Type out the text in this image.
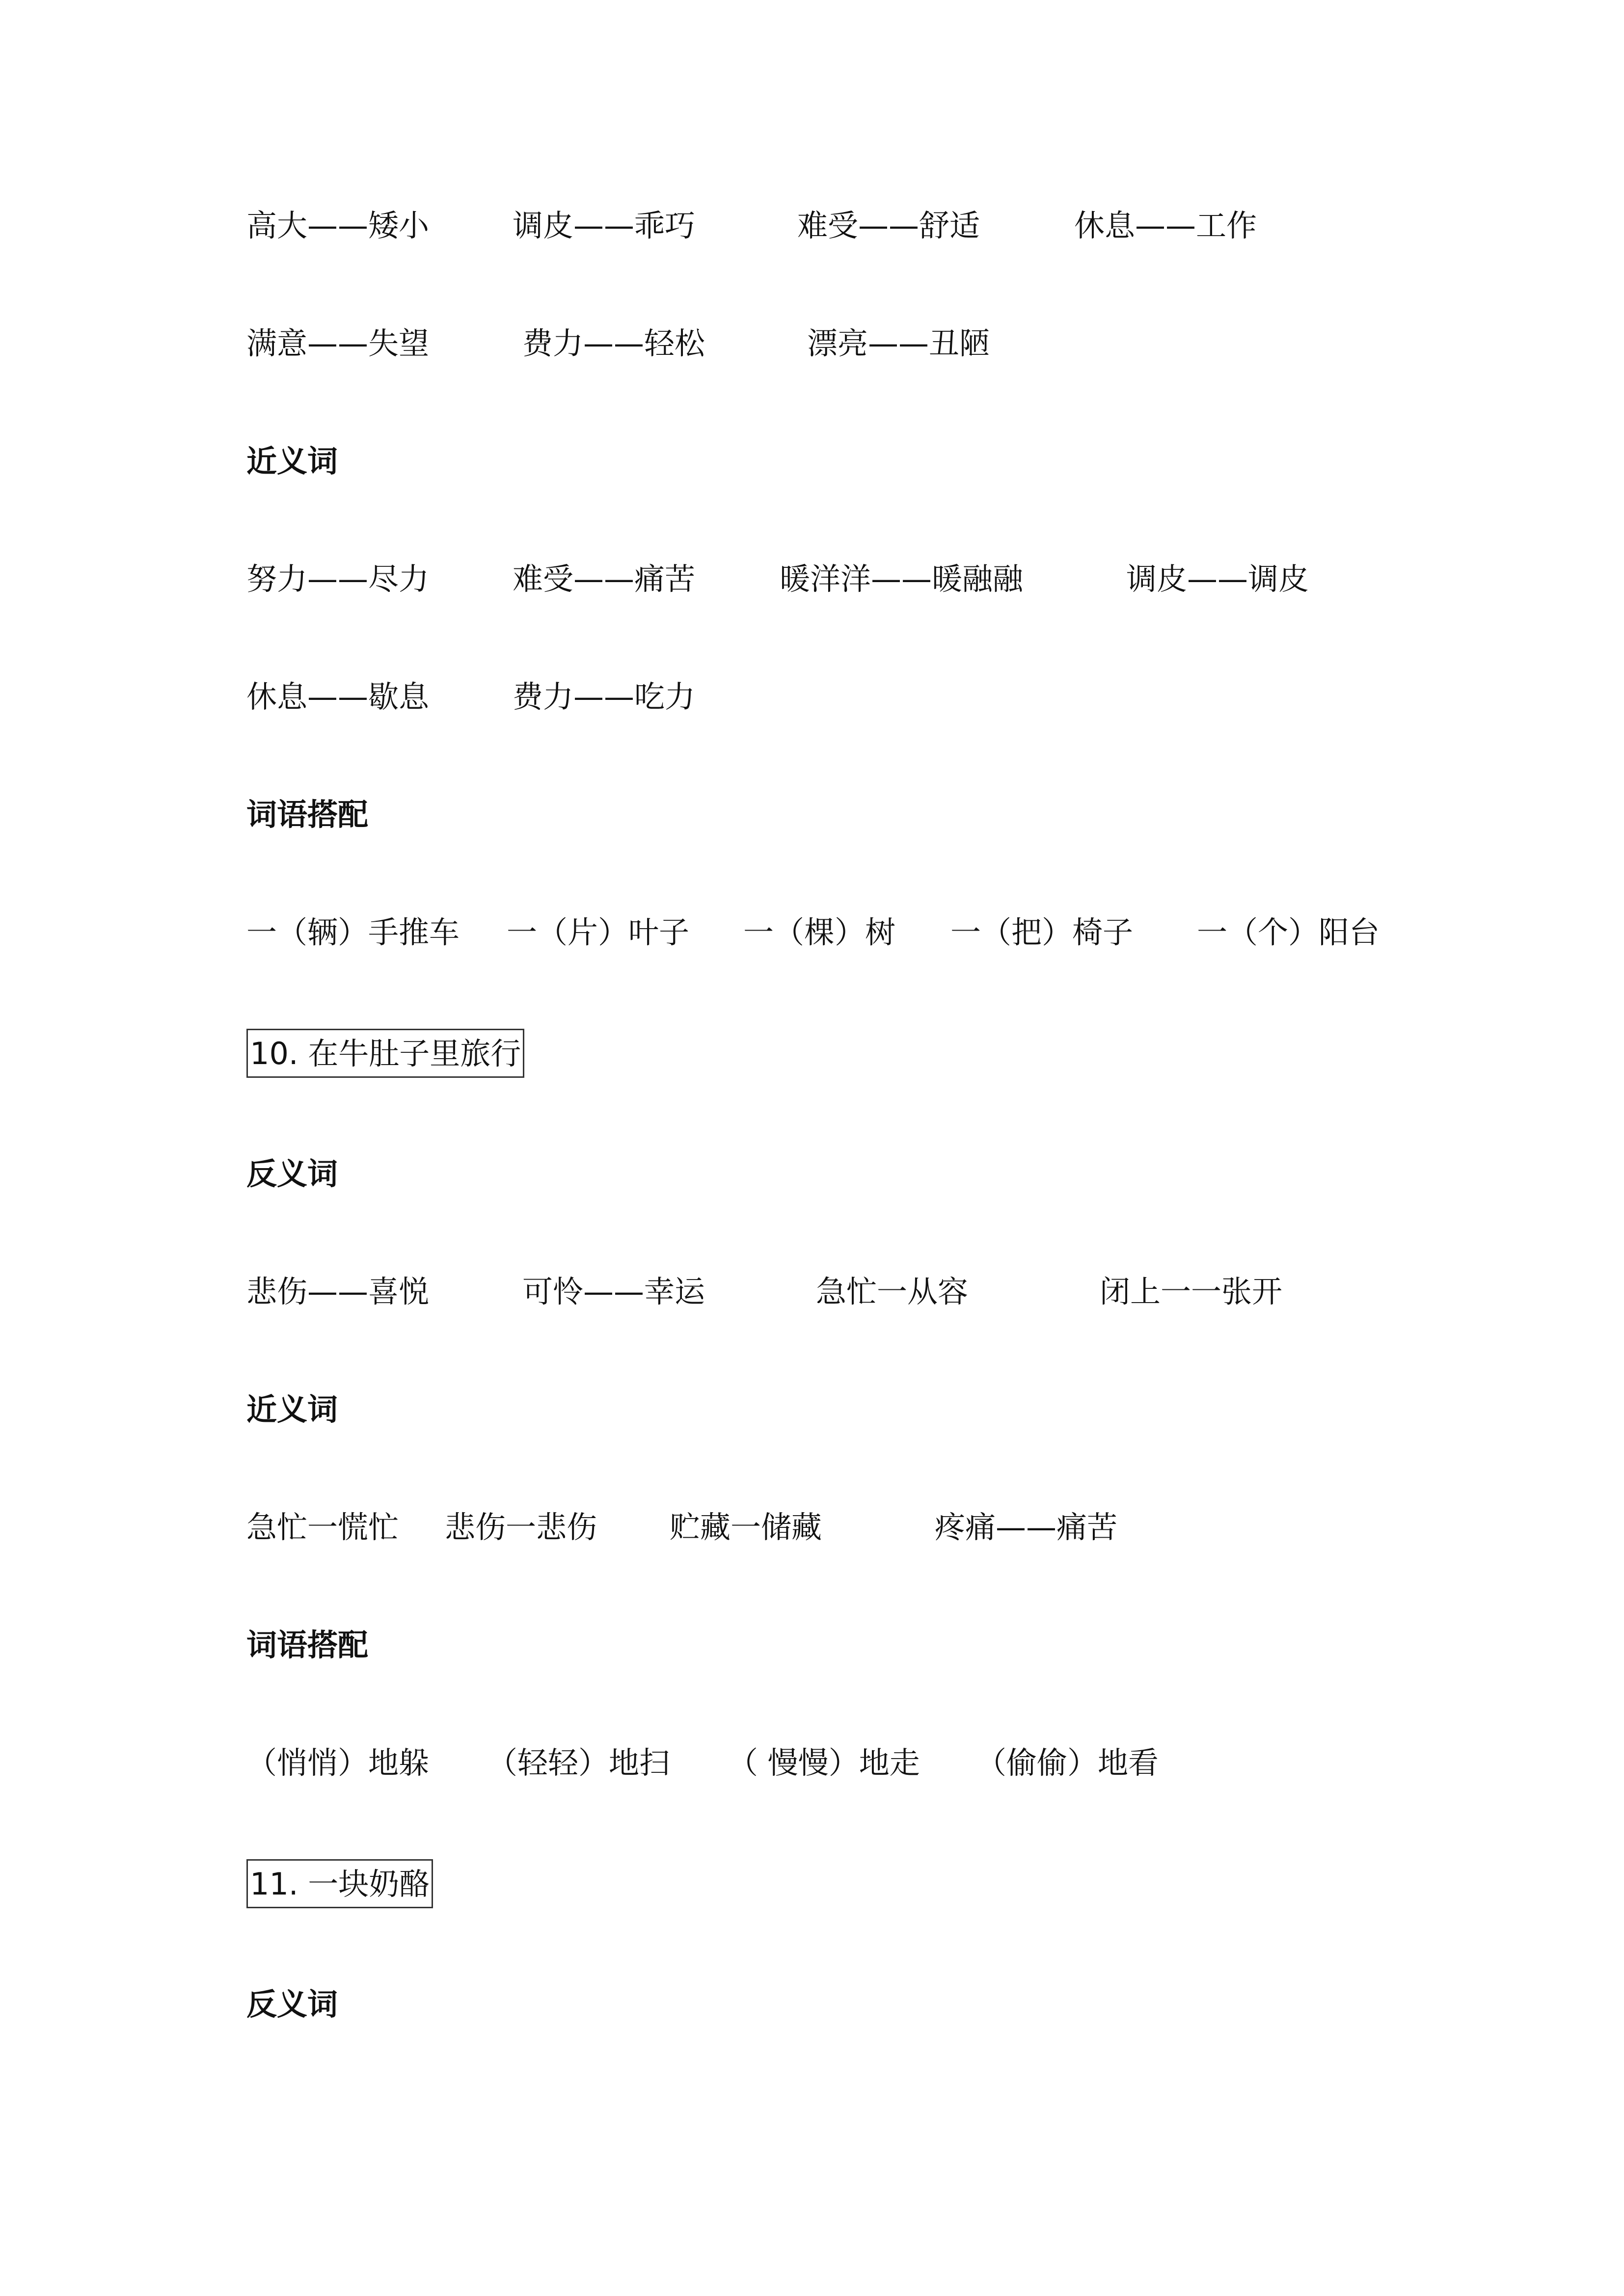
高大——矮小	调皮——乖巧	难受——舒适	休息——工作
满意——失望	费力——轻松	漂亮——丑陋
近义词
努力——尽力	难受——痛苦	暖洋洋——暖融融	调皮——调皮
休息——歇息	费力——吃力
词语搭配
一（辆）手推车 一（片）叶子 一（棵）树 一（把）椅子 一（个）阳台
10. 在牛肚子里旅行
反义词
悲伤——喜悦	可怜——幸运	急忙一从容	闭上一一张开
近义词
急忙一慌忙 悲伤一悲伤 贮藏一储藏	疼痛——痛苦
词语搭配
（悄悄）地躲 （轻轻）地扫 （ 慢慢）地走 （偷偷）地看
11. 一块奶酪
反义词
